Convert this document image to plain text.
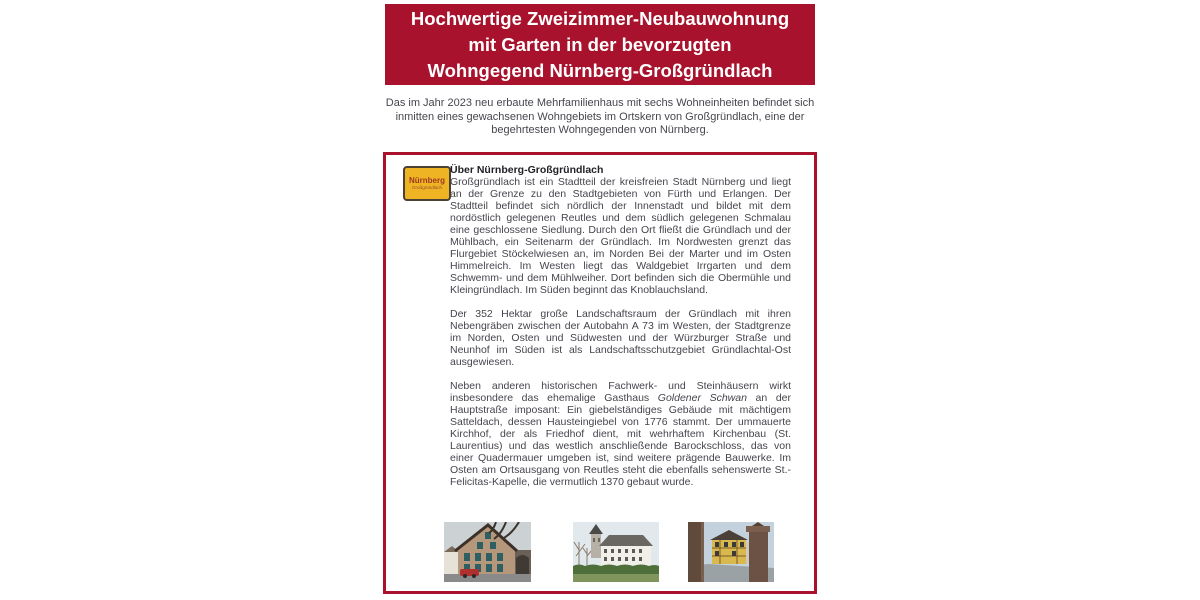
Hochwertige Zweizimmer-Neubauwohnung
mit Garten in der bevorzugten
Wohngegend Nürnberg-Großgründlach
Das im Jahr 2023 neu erbaute Mehrfamilienhaus mit sechs Wohneinheiten befindet sich inmitten eines gewachsenen Wohngebiets im Ortskern von Großgründlach, eine der begehrtesten Wohngegenden von Nürnberg.
Nürnberg
Großgründlach
Über Nürnberg-Großgründlach

Großgründlach ist ein Stadtteil der kreisfreien Stadt Nürnberg und liegt an der Grenze zu den Stadtgebieten von Fürth und Erlangen. Der Stadtteil befindet sich nördlich der Innenstadt und bildet mit dem nordöstlich gelegenen Reutles und dem südlich gelegenen Schmalau eine geschlossene Siedlung. Durch den Ort fließt die Gründlach und der Mühlbach, ein Seitenarm der Gründlach. Im Nordwesten grenzt das Flurgebiet Stöckelwiesen an, im Norden Bei der Marter und im Osten Himmelreich. Im Westen liegt das Waldgebiet Irrgarten und dem Schwemm- und dem Mühlweiher. Dort befinden sich die Obermühle und Kleingründlach. Im Süden beginnt das Knoblauchsland.

Der 352 Hektar große Landschaftsraum der Gründlach mit ihren Nebengräben zwischen der Autobahn A 73 im Westen, der Stadtgrenze im Norden, Osten und Südwesten und der Würzburger Straße und Neunhof im Süden ist als Landschaftsschutzgebiet Gründlachtal-Ost ausgewiesen.

Neben anderen historischen Fachwerk- und Steinhäusern wirkt insbesondere das ehemalige Gasthaus Goldener Schwan an der Hauptstraße imposant: Ein giebelständiges Gebäude mit mächtigem Satteldach, dessen Hausteingiebel von 1776 stammt. Der ummauerte Kirchhof, der als Friedhof dient, mit wehrhaftem Kirchenbau (St. Laurentius) und das westlich anschließende Barockschloss, das von einer Quadermauer umgeben ist, sind weitere prägende Bauwerke. Im Osten am Ortsausgang von Reutles steht die ebenfalls sehenswerte St.-Felicitas-Kapelle, die vermutlich 1370 gebaut wurde.
